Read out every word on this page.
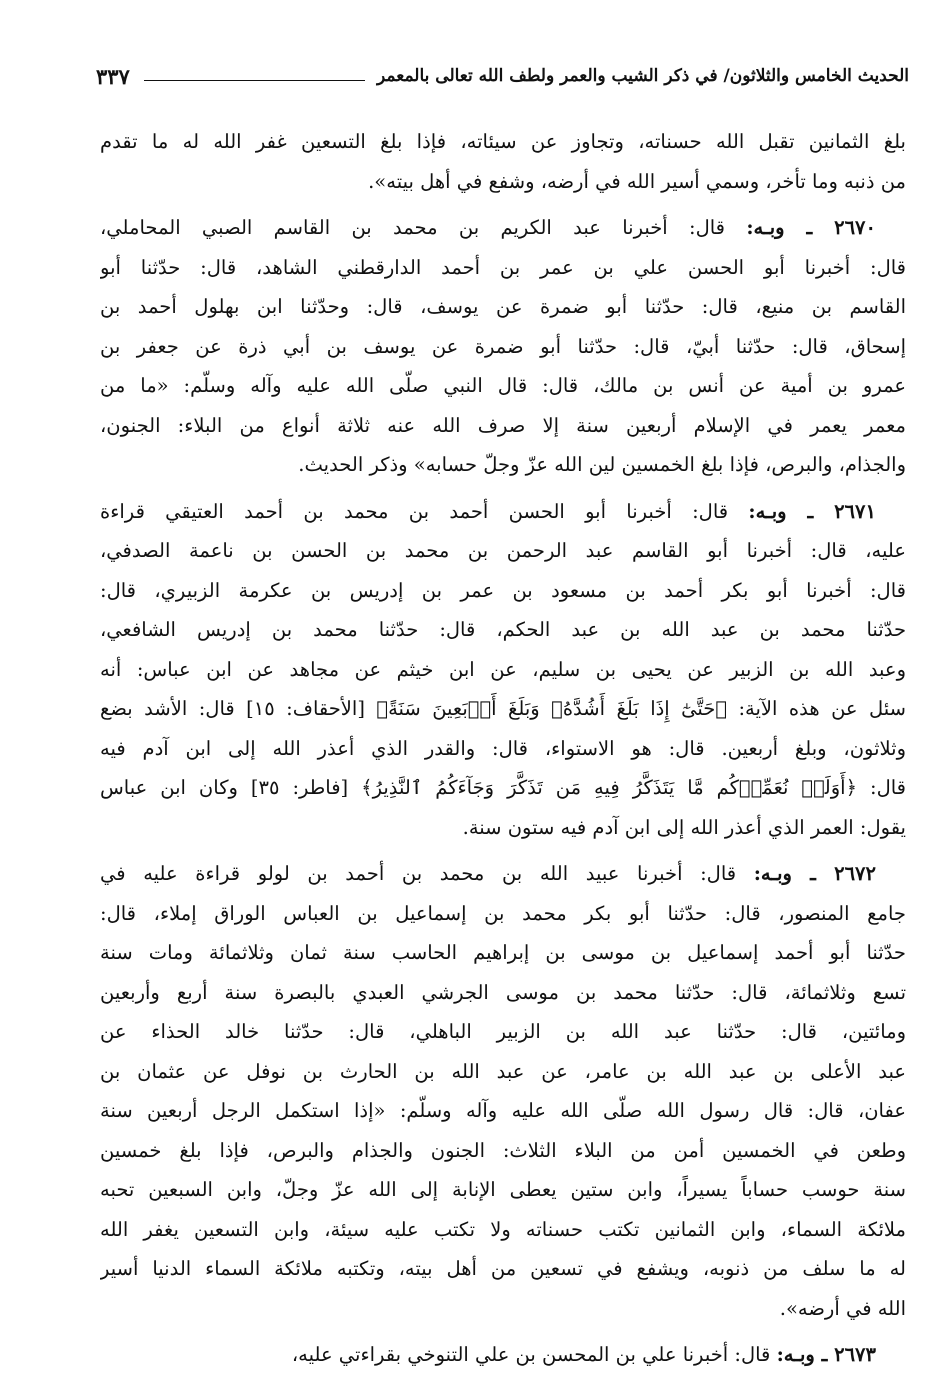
الحديث الخامس والثلاثون/ في ذكر الشيب والعمر ولطف الله تعالى بالمعمر
٣٣٧
بلغ الثمانين تقبل الله حسناته، وتجاوز عن سيئاته، فإذا بلغ التسعين غفر الله له ما تقدم
من ذنبه وما تأخر، وسمي أسير الله في أرضه، وشفع في أهل بيته».
٢٦٧٠ ـ وبـه: قال: أخبرنا عبد الكريم بن محمد بن القاسم الصبي المحاملي،
قال: أخبرنا أبو الحسن علي بن عمر بن أحمد الدارقطني الشاهد، قال: حدّثنا أبو
القاسم بن منيع، قال: حدّثنا أبو ضمرة عن يوسف، قال: وحدّثنا ابن بهلول أحمد بن
إسحاق، قال: حدّثنا أبيّ، قال: حدّثنا أبو ضمرة عن يوسف بن أبي ذرة عن جعفر بن
عمرو بن أمية عن أنس بن مالك، قال: قال النبي صلّى الله عليه وآله وسلّم: «ما من
معمر يعمر في الإسلام أربعين سنة إلا صرف الله عنه ثلاثة أنواع من البلاء: الجنون،
والجذام، والبرص، فإذا بلغ الخمسين لين الله عزّ وجلّ حسابه» وذكر الحديث.
٢٦٧١ ـ وبـه: قال: أخبرنا أبو الحسن أحمد بن محمد بن أحمد العتيقي قراءة
عليه، قال: أخبرنا أبو القاسم عبد الرحمن بن محمد بن الحسن بن ناعمة الصدفي،
قال: أخبرنا أبو بكر أحمد بن مسعود بن عمر بن إدريس بن عكرمة الزبيري، قال:
حدّثنا محمد بن عبد الله بن عبد الحكم، قال: حدّثنا محمد بن إدريس الشافعي،
وعبد الله بن الزبير عن يحيى بن سليم، عن ابن خيثم عن مجاهد عن ابن عباس: أنه
سئل عن هذه الآية: ﴿حَتَّىٰٓ إِذَا بَلَغَ أَشُدَّهُۥ وَبَلَغَ أَرۡبَعِينَ سَنَةً﴾ [الأحقاف: ١٥] قال: الأشد بضع
وثلاثون، وبلغ أربعين. قال: هو الاستواء، قال: والقدر الذي أعذر الله إلى ابن آدم فيه
قال: ﴿أَوَلَمۡ نُعَمِّرۡكُم مَّا يَتَذَكَّرُ فِيهِ مَن تَذَكَّرَ وَجَآءَكُمُ ٱلنَّذِيرُ﴾ [فاطر: ٣٥] وكان ابن عباس
يقول: العمر الذي أعذر الله إلى ابن آدم فيه ستون سنة.
٢٦٧٢ ـ وبـه: قال: أخبرنا عبيد الله بن محمد بن أحمد بن لولو قراءة عليه في
جامع المنصور، قال: حدّثنا أبو بكر محمد بن إسماعيل بن العباس الوراق إملاء، قال:
حدّثنا أبو أحمد إسماعيل بن موسى بن إبراهيم الحاسب سنة ثمان وثلاثمائة ومات سنة
تسع وثلاثمائة، قال: حدّثنا محمد بن موسى الجرشي العبدي بالبصرة سنة أربع وأربعين
ومائتين، قال: حدّثنا عبد الله بن الزبير الباهلي، قال: حدّثنا خالد الحذاء عن
عبد الأعلى بن عبد الله بن عامر، عن عبد الله بن الحارث بن نوفل عن عثمان بن
عفان، قال: قال رسول الله صلّى الله عليه وآله وسلّم: «إذا استكمل الرجل أربعين سنة
وطعن في الخمسين أمن من البلاء الثلاث: الجنون والجذام والبرص، فإذا بلغ خمسين
سنة حوسب حساباً يسيراً، وابن ستين يعطى الإنابة إلى الله عزّ وجلّ، وابن السبعين تحبه
ملائكة السماء، وابن الثمانين تكتب حسناته ولا تكتب عليه سيئة، وابن التسعين يغفر الله
له ما سلف من ذنوبه، ويشفع في تسعين من أهل بيته، وتكتبه ملائكة السماء الدنيا أسير
الله في أرضه».
٢٦٧٣ ـ وبـه: قال: أخبرنا علي بن المحسن بن علي التنوخي بقراءتي عليه،
